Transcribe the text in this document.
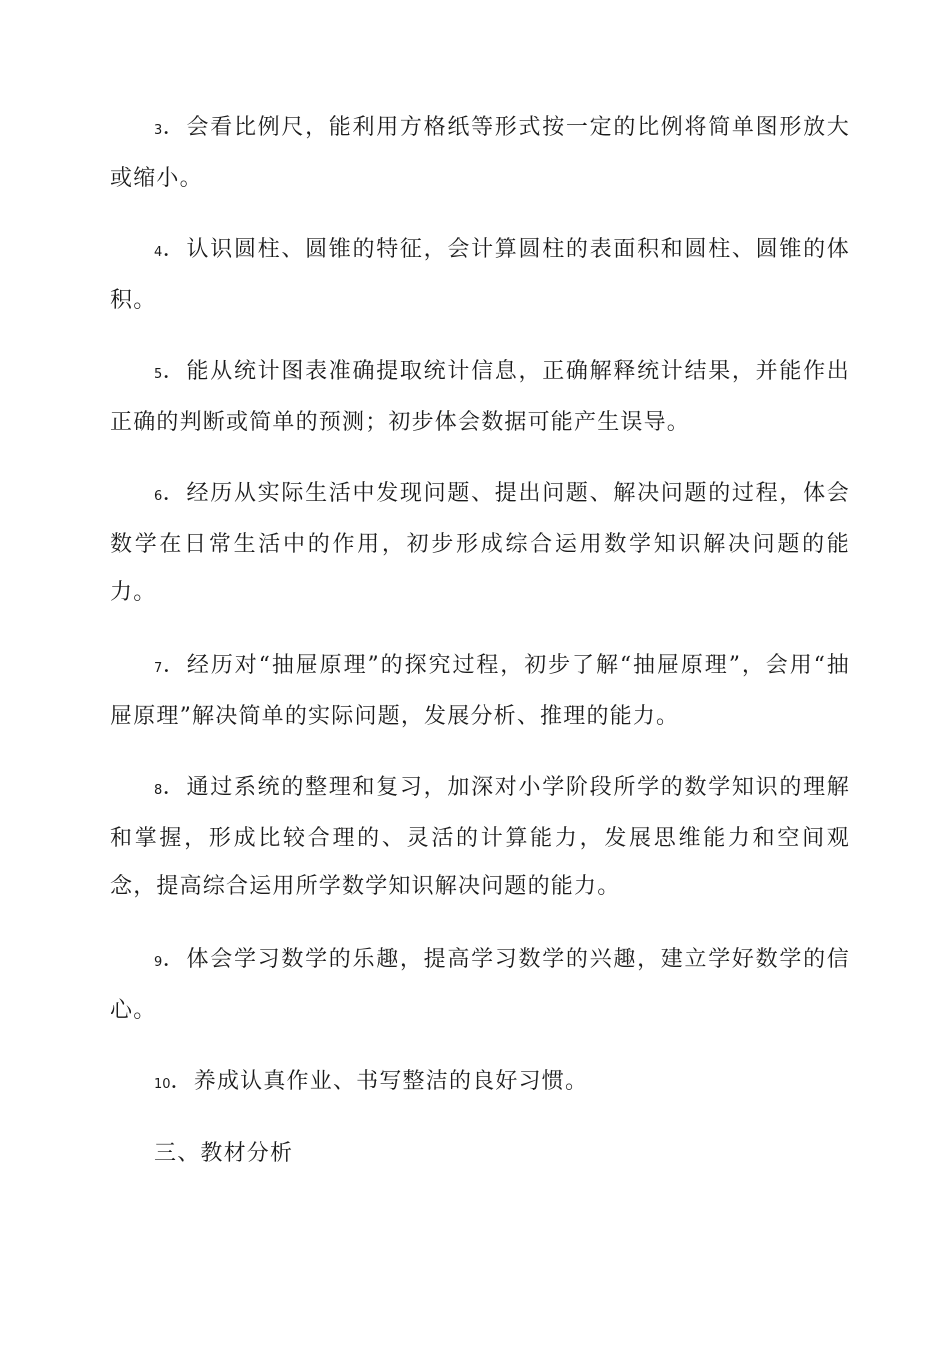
3．会看比例尺，能利用方格纸等形式按一定的比例将简单图形放大或缩小。

4．认识圆柱、圆锥的特征，会计算圆柱的表面积和圆柱、圆锥的体积。

5．能从统计图表准确提取统计信息，正确解释统计结果，并能作出正确的判断或简单的预测；初步体会数据可能产生误导。

6．经历从实际生活中发现问题、提出问题、解决问题的过程，体会数学在日常生活中的作用，初步形成综合运用数学知识解决问题的能力。

7．经历对“抽屉原理”的探究过程，初步了解“抽屉原理”，会用“抽屉原理”解决简单的实际问题，发展分析、推理的能力。

8．通过系统的整理和复习，加深对小学阶段所学的数学知识的理解和掌握，形成比较合理的、灵活的计算能力，发展思维能力和空间观念，提高综合运用所学数学知识解决问题的能力。

9．体会学习数学的乐趣，提高学习数学的兴趣，建立学好数学的信心。

10．养成认真作业、书写整洁的良好习惯。

三、教材分析
